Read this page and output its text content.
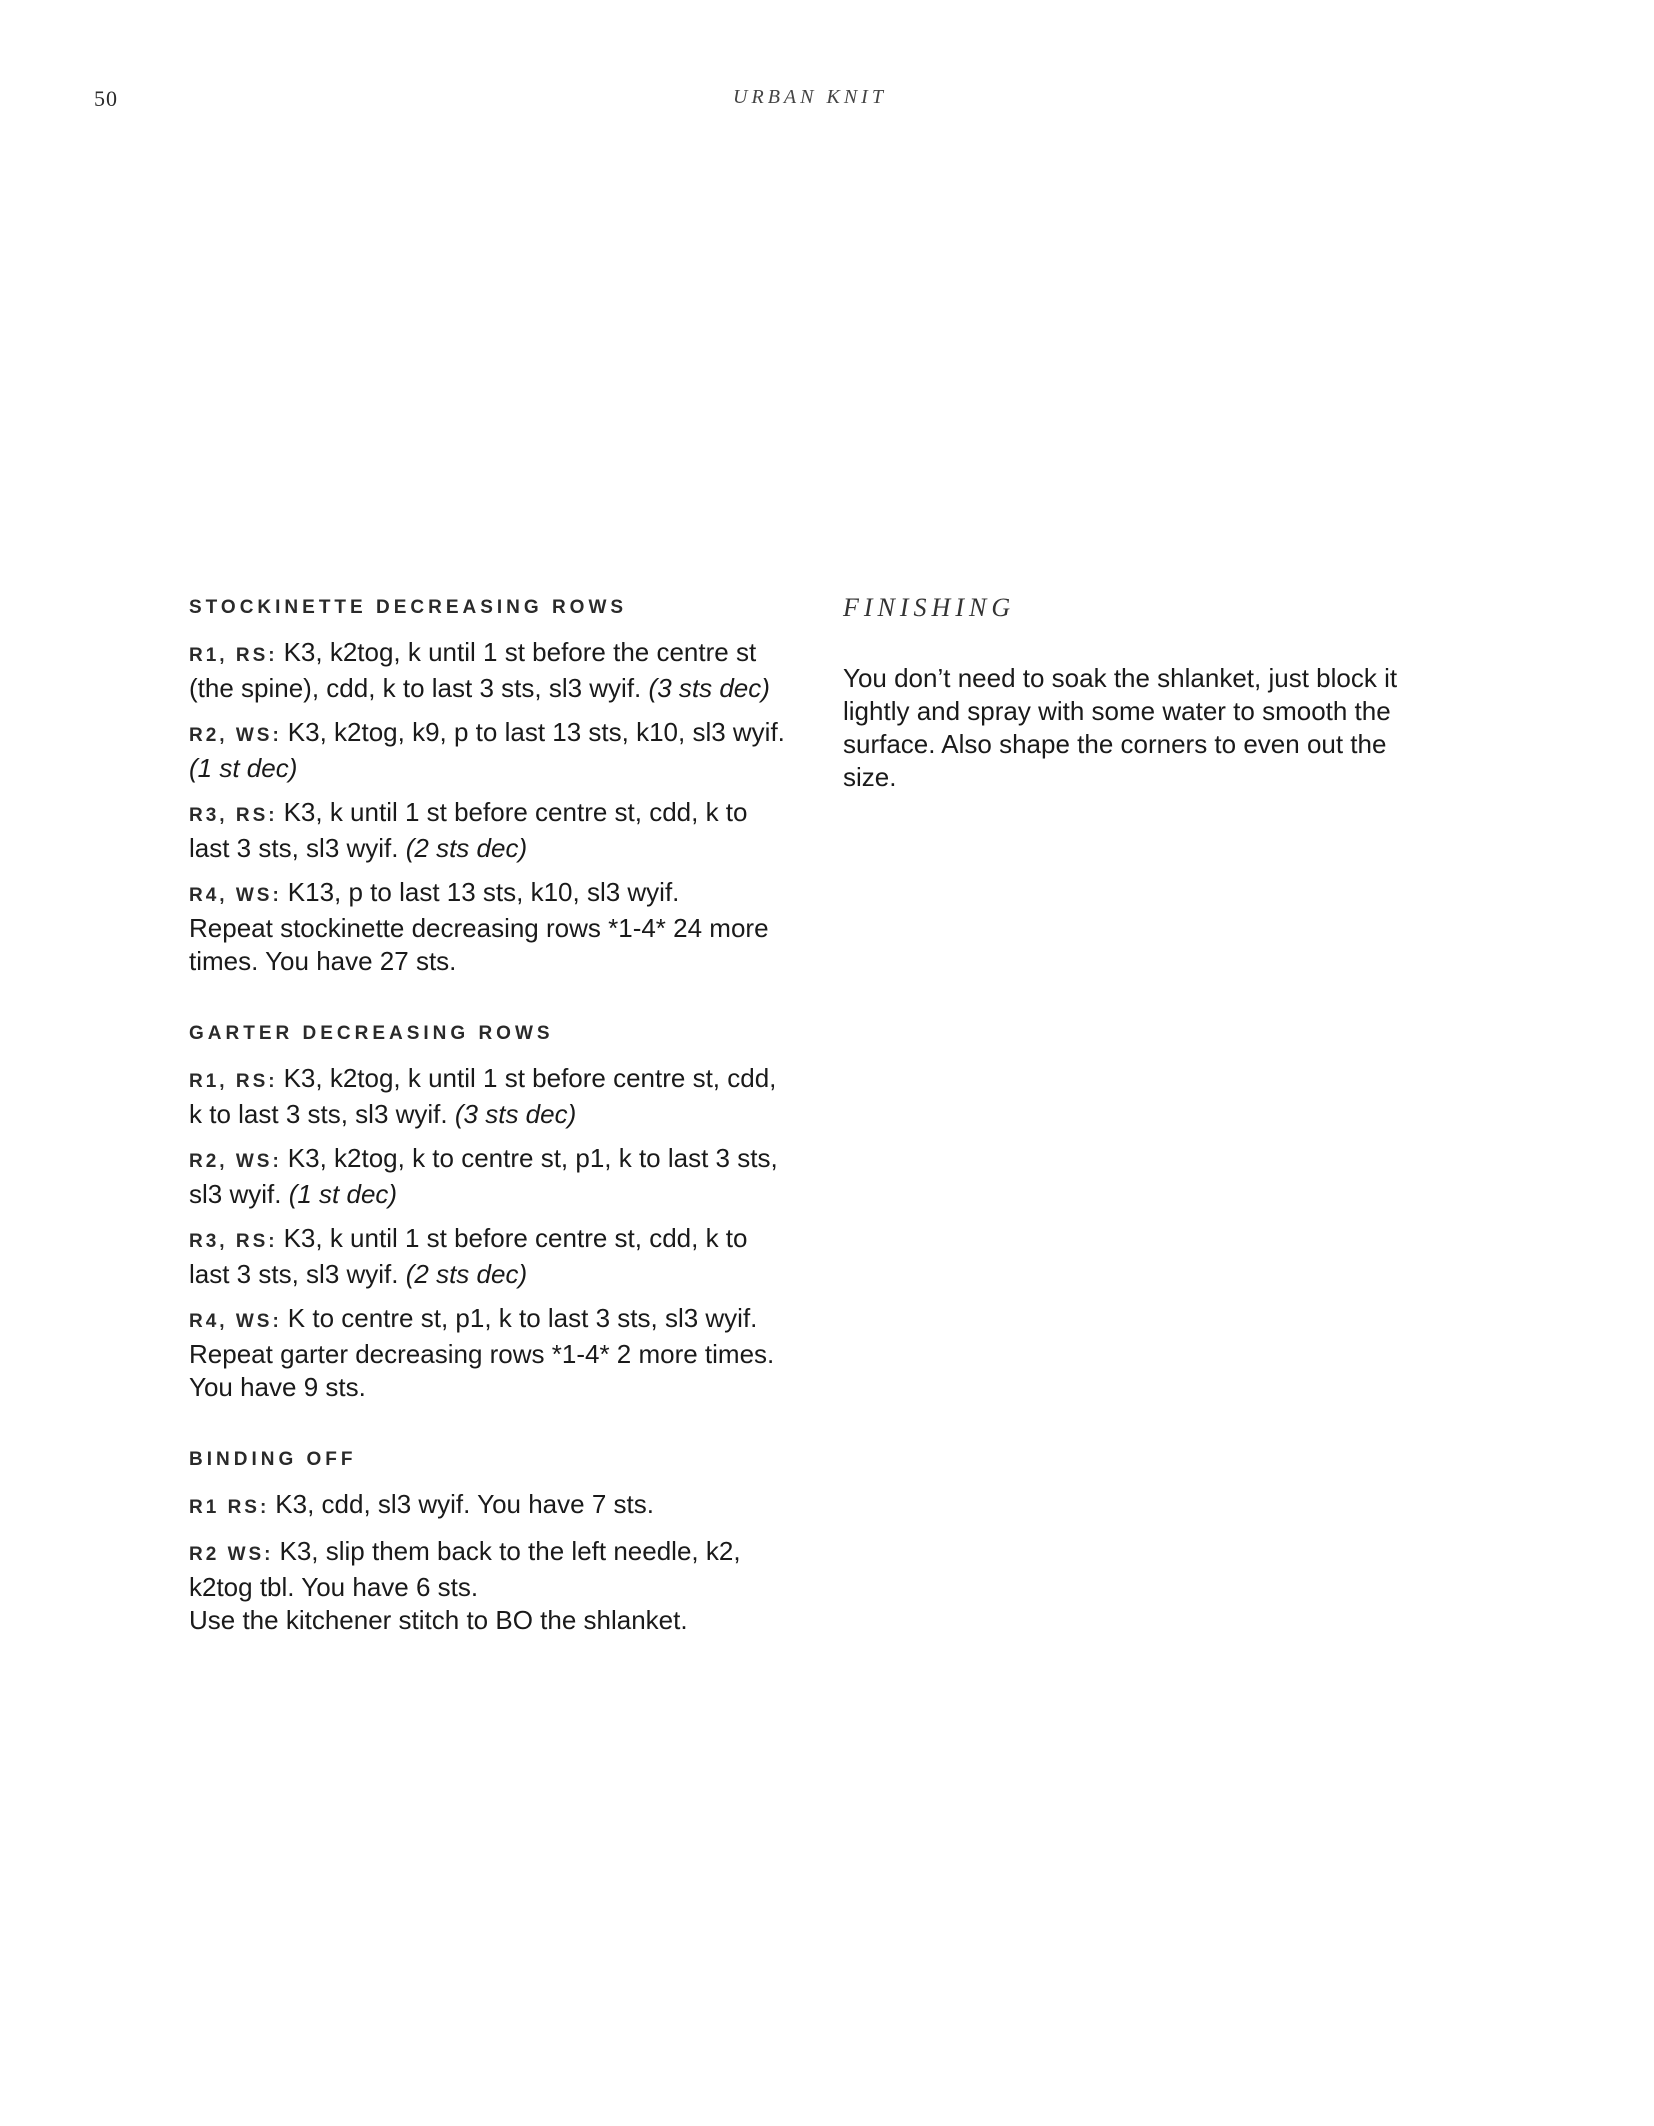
50	URBAN KNIT
STOCKINETTE DECREASING ROWS

R1, RS: K3, k2tog, k until 1 st before the centre st (the spine), cdd, k to last 3 sts, sl3 wyif. (3 sts dec)

R2, WS: K3, k2tog, k9, p to last 13 sts, k10, sl3 wyif. (1 st dec)

R3, RS: K3, k until 1 st before centre st, cdd, k to last 3 sts, sl3 wyif. (2 sts dec)

R4, WS: K13, p to last 13 sts, k10, sl3 wyif.
Repeat stockinette decreasing rows *1-4* 24 more times. You have 27 sts.

GARTER DECREASING ROWS

R1, RS: K3, k2tog, k until 1 st before centre st, cdd, k to last 3 sts, sl3 wyif. (3 sts dec)

R2, WS: K3, k2tog, k to centre st, p1, k to last 3 sts, sl3 wyif. (1 st dec)

R3, RS: K3, k until 1 st before centre st, cdd, k to last 3 sts, sl3 wyif. (2 sts dec)

R4, WS: K to centre st, p1, k to last 3 sts, sl3 wyif.
Repeat garter decreasing rows *1-4* 2 more times. You have 9 sts.

BINDING OFF

R1 RS: K3, cdd, sl3 wyif. You have 7 sts.

R2 WS: K3, slip them back to the left needle, k2, k2tog tbl. You have 6 sts.
Use the kitchener stitch to BO the shlanket.

FINISHING

You don’t need to soak the shlanket, just block it lightly and spray with some water to smooth the surface. Also shape the corners to even out the size.
